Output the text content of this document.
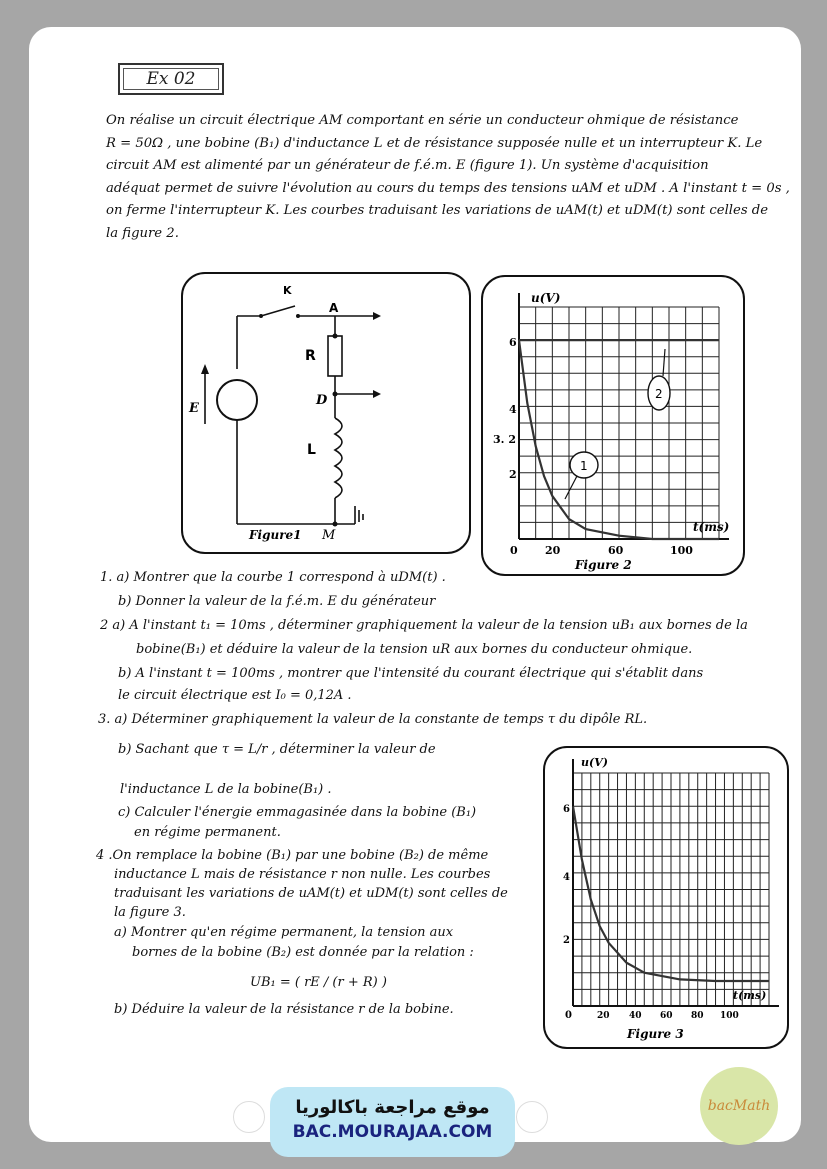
Ex 02
On réalise un circuit électrique AM comportant en série un conducteur ohmique de résistance
R = 50Ω , une bobine (B₁) d'inductance L et de résistance supposée nulle et un interrupteur K. Le
circuit AM est alimenté par un générateur de f.é.m. E (figure 1). Un système d'acquisition
adéquat permet de suivre l'évolution au cours du temps des tensions uAM et uDM . A l'instant t = 0s ,
on ferme l'interrupteur K. Les courbes traduisant les variations de uAM(t) et uDM(t) sont celles de
la figure 2.
K
A
R
D
L
E
M
Figure1
u(V)
t(ms)
6
4
3. 2
2
0 20	60	100
Figure 2
1
2
1. a) Montrer que la courbe 1 correspond à uDM(t) .
b) Donner la valeur de la f.é.m. E du générateur
2 a) A l'instant t₁ = 10ms , déterminer graphiquement la valeur de la tension uB₁ aux bornes de la
bobine(B₁) et déduire la valeur de la tension uR aux bornes du conducteur ohmique.
b) A l'instant t = 100ms , montrer que l'intensité du courant électrique qui s'établit dans
le circuit électrique est I₀ = 0,12A .
3. a) Déterminer graphiquement la valeur de la constante de temps τ du dipôle RL.
b) Sachant que τ = L/r , déterminer la valeur de
l'inductance L de la bobine(B₁) .
c) Calculer l'énergie emmagasinée dans la bobine (B₁)
en régime permanent.
4 .On remplace la bobine (B₁) par une bobine (B₂) de même
inductance L mais de résistance r non nulle. Les courbes
traduisant les variations de uAM(t) et uDM(t) sont celles de
la figure 3.
a) Montrer qu'en régime permanent, la tension aux
bornes de la bobine (B₂) est donnée par la relation :
UB₁ = ( rE / (r + R) )
b) Déduire la valeur de la résistance r de la bobine.
u(V)
t(ms)
6
4
2
0	20 40 60 80 100
Figure 3
موقع مراجعة باكالوريا
BAC.MOURAJAA.COM
bacMath
